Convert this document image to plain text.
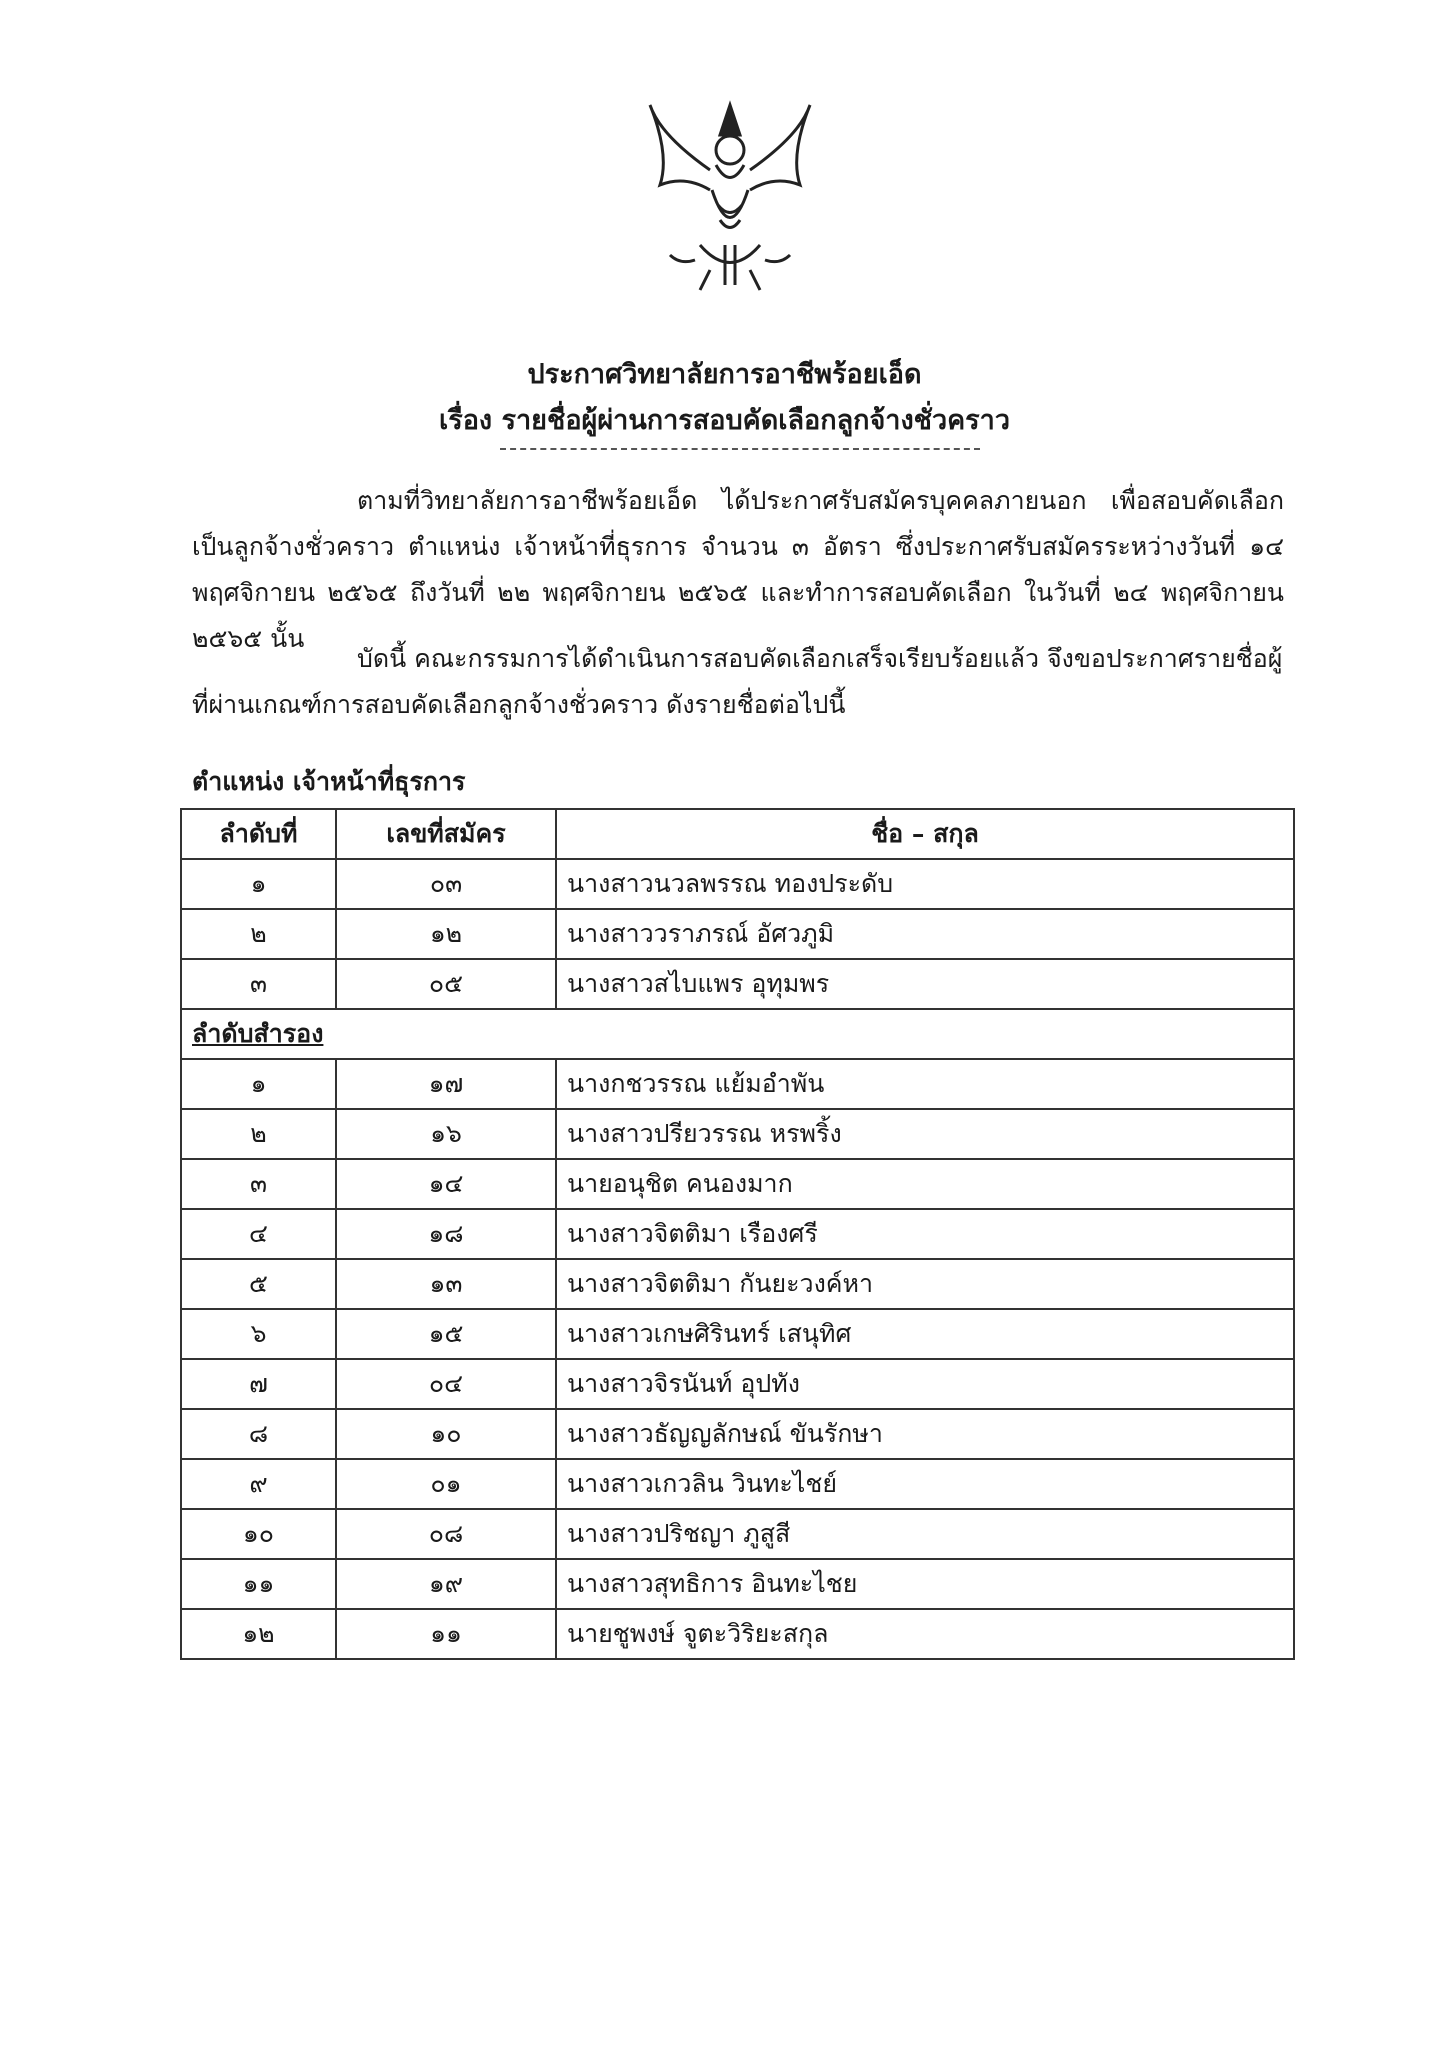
ประกาศวิทยาลัยการอาชีพร้อยเอ็ด
เรื่อง รายชื่อผู้ผ่านการสอบคัดเลือกลูกจ้างชั่วคราว

ตามที่วิทยาลัยการอาชีพร้อยเอ็ด ได้ประกาศรับสมัครบุคคลภายนอก เพื่อสอบคัดเลือกเป็นลูกจ้างชั่วคราว ตำแหน่ง เจ้าหน้าที่ธุรการ จำนวน ๓ อัตรา ซึ่งประกาศรับสมัครระหว่างวันที่ ๑๔ พฤศจิกายน ๒๕๖๕ ถึงวันที่ ๒๒ พฤศจิกายน ๒๕๖๕ และทำการสอบคัดเลือก ในวันที่ ๒๔ พฤศจิกายน ๒๕๖๕ นั้น

บัดนี้ คณะกรรมการได้ดำเนินการสอบคัดเลือกเสร็จเรียบร้อยแล้ว จึงขอประกาศรายชื่อผู้ที่ผ่านเกณฑ์การสอบคัดเลือกลูกจ้างชั่วคราว ดังรายชื่อต่อไปนี้

ตำแหน่ง เจ้าหน้าที่ธุรการ
ลำดับที่	เลขที่สมัคร	ชื่อ – สกุล
๑	๐๓	นางสาวนวลพรรณ ทองประดับ
๒	๑๒	นางสาววราภรณ์ อัศวภูมิ
๓	๐๕	นางสาวสไบแพร อุทุมพร
ลำดับสำรอง		
๑	๑๗	นางกชวรรณ แย้มอำพัน
๒	๑๖	นางสาวปรียวรรณ หรพริ้ง
๓	๑๔	นายอนุชิต คนองมาก
๔	๑๘	นางสาวจิตติมา เรืองศรี
๕	๑๓	นางสาวจิตติมา กันยะวงค์หา
๖	๑๕	นางสาวเกษศิรินทร์ เสนุทิศ
๗	๐๔	นางสาวจิรนันท์ อุปทัง
๘	๑๐	นางสาวธัญญลักษณ์ ขันรักษา
๙	๐๑	นางสาวเกวลิน วินทะไชย์
๑๐	๐๘	นางสาวปริชญา ภูสูสี
๑๑	๑๙	นางสาวสุทธิการ อินทะไชย
๑๒	๑๑	นายชูพงษ์ จูตะวิริยะสกุล
